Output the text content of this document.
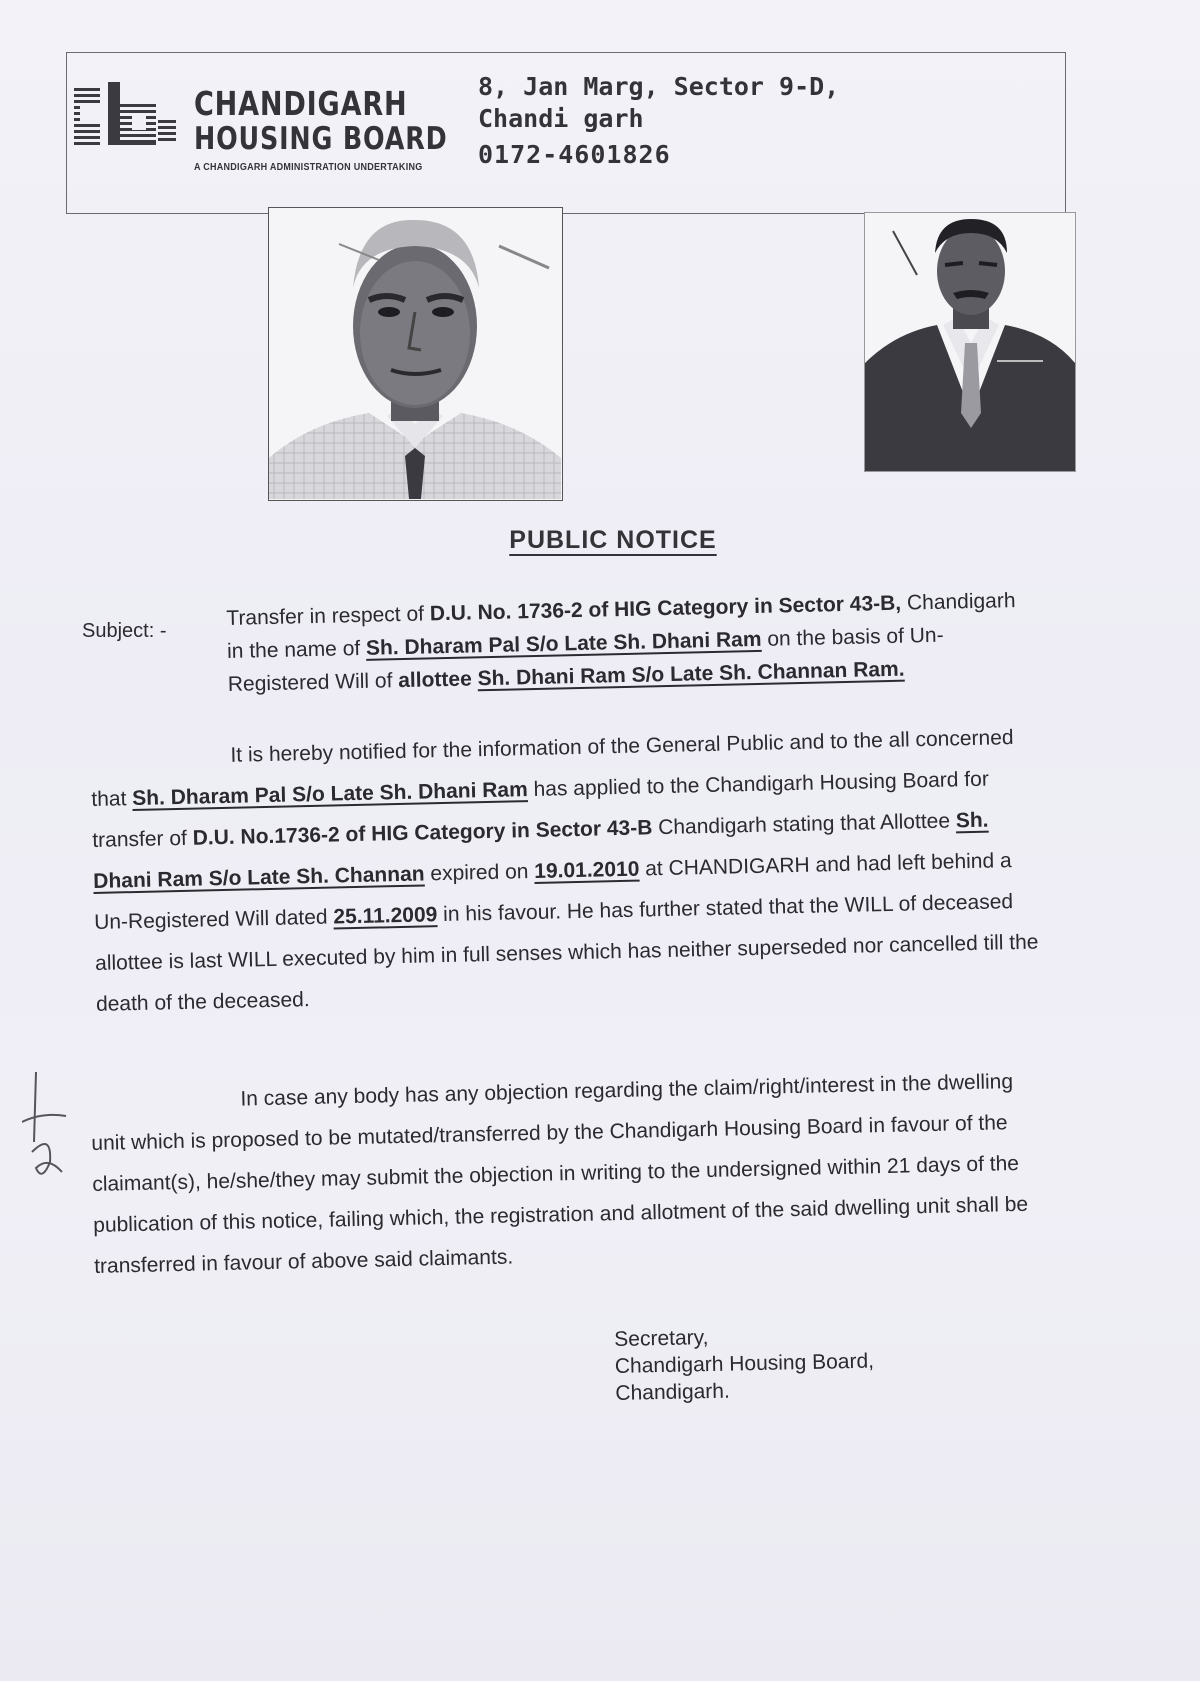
CHANDIGARH
HOUSING BOARD
A CHANDIGARH ADMINISTRATION UNDERTAKING
8, Jan Marg, Sector 9-D,
Chandi garh
0172-4601826
PUBLIC NOTICE
Subject: -
Transfer in respect of D.U. No. 1736-2 of HIG Category in Sector 43-B, Chandigarh in the name of Sh. Dharam Pal S/o Late Sh. Dhani Ram on the basis of Un-Registered Will of allottee Sh. Dhani Ram S/o Late Sh. Channan Ram.
It is hereby notified for the information of the General Public and to the all concerned that Sh. Dharam Pal S/o Late Sh. Dhani Ram has applied to the Chandigarh Housing Board for transfer of D.U. No.1736-2 of HIG Category in Sector 43-B Chandigarh stating that Allottee Sh. Dhani Ram S/o Late Sh. Channan expired on 19.01.2010 at CHANDIGARH and had left behind a Un-Registered Will dated 25.11.2009 in his favour. He has further stated that the WILL of deceased allottee is last WILL executed by him in full senses which has neither superseded nor cancelled till the death of the deceased.
In case any body has any objection regarding the claim/right/interest in the dwelling unit which is proposed to be mutated/transferred by the Chandigarh Housing Board in favour of the claimant(s), he/she/they may submit the objection in writing to the undersigned within 21 days of the publication of this notice, failing which, the registration and allotment of the said dwelling unit shall be transferred in favour of above said claimants.
Secretary,
Chandigarh Housing Board,
Chandigarh.
